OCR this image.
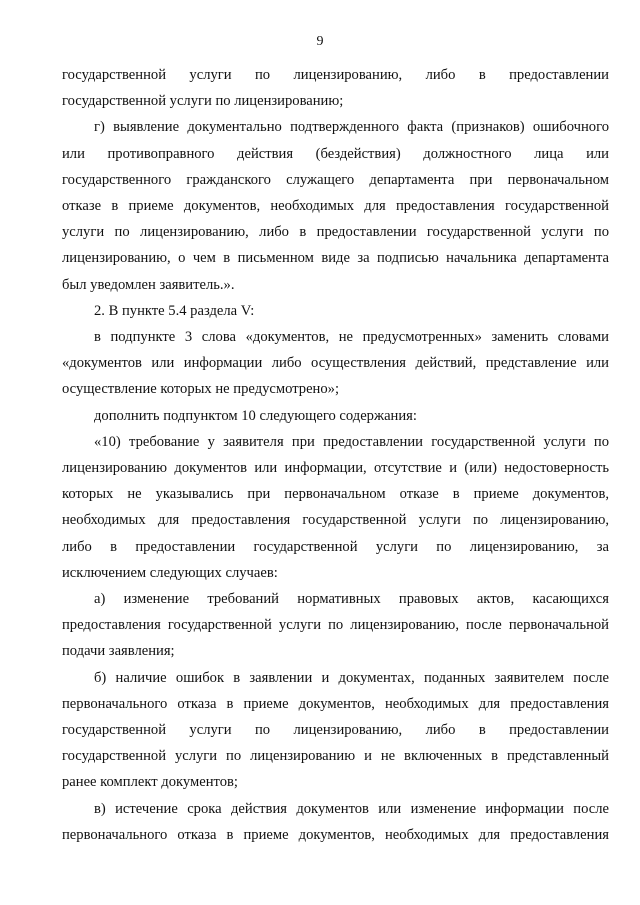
9
государственной услуги по лицензированию, либо в предоставлении
государственной услуги по лицензированию;
г) выявление документально подтвержденного факта (признаков) ошибочного
или противоправного действия (бездействия) должностного лица или
государственного гражданского служащего департамента при первоначальном
отказе в приеме документов, необходимых для предоставления государственной
услуги по лицензированию, либо в предоставлении государственной услуги по
лицензированию, о чем в письменном виде за подписью начальника департамента
был уведомлен заявитель.».
2. В пункте 5.4 раздела V:
в подпункте 3 слова «документов, не предусмотренных» заменить словами
«документов или информации либо осуществления действий, представление или
осуществление которых не предусмотрено»;
дополнить подпунктом 10 следующего содержания:
«10) требование у заявителя при предоставлении государственной услуги по
лицензированию документов или информации, отсутствие и (или) недостоверность
которых не указывались при первоначальном отказе в приеме документов,
необходимых для предоставления государственной услуги по лицензированию,
либо в предоставлении государственной услуги по лицензированию, за
исключением следующих случаев:
а) изменение требований нормативных правовых актов, касающихся
предоставления государственной услуги по лицензированию, после первоначальной
подачи заявления;
б) наличие ошибок в заявлении и документах, поданных заявителем после
первоначального отказа в приеме документов, необходимых для предоставления
государственной услуги по лицензированию, либо в предоставлении
государственной услуги по лицензированию и не включенных в представленный
ранее комплект документов;
в) истечение срока действия документов или изменение информации после
первоначального отказа в приеме документов, необходимых для предоставления
